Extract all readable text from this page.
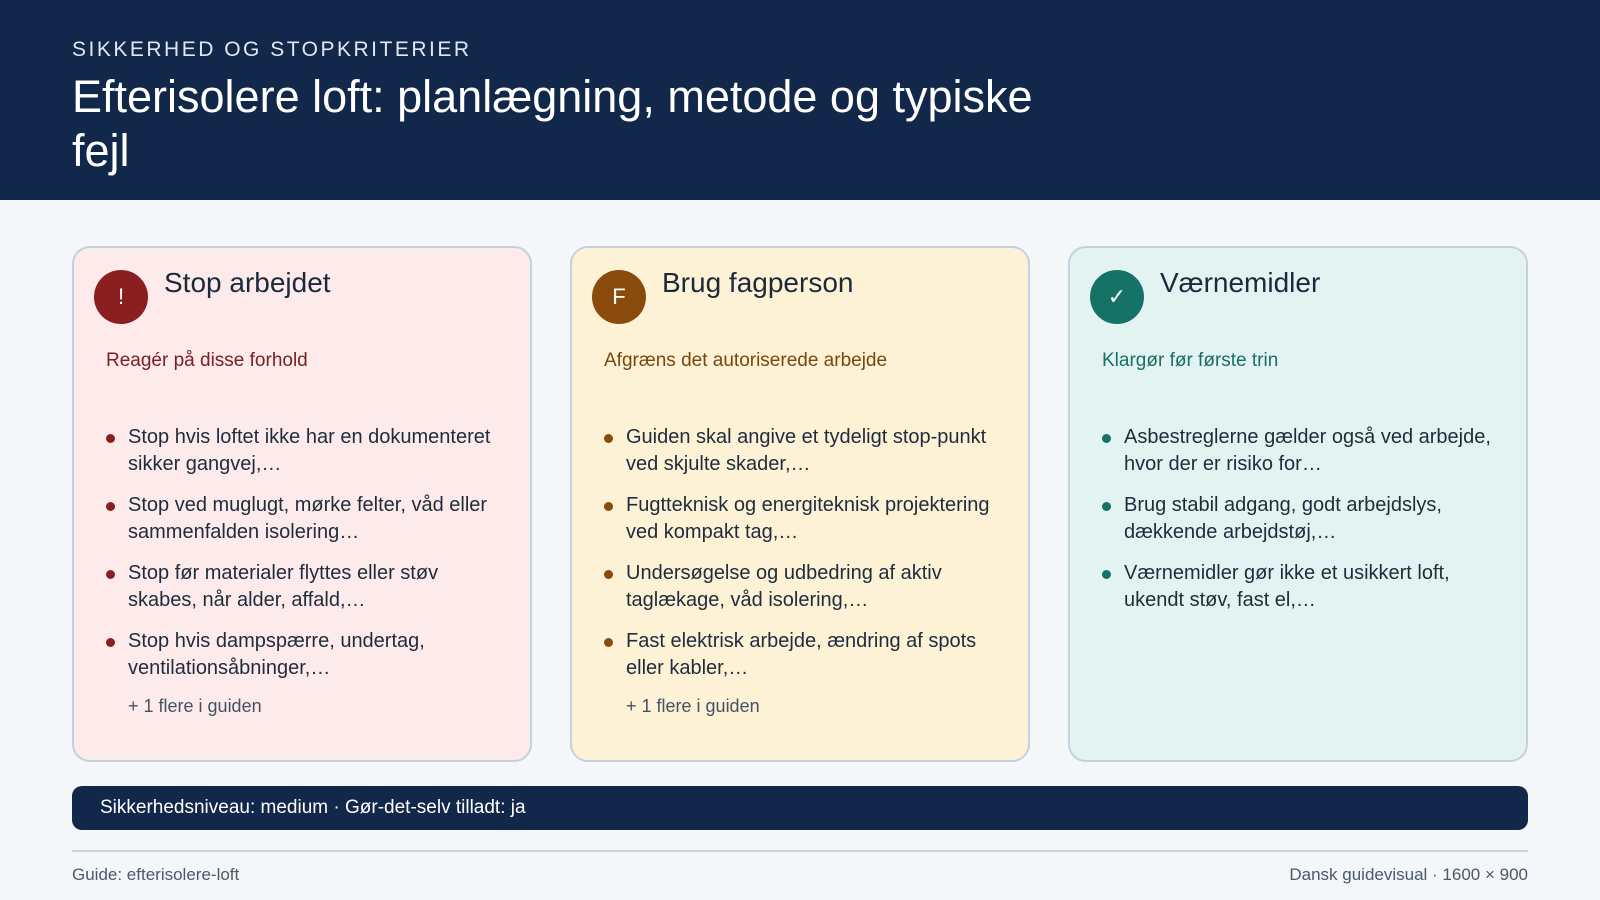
SIKKERHED OG STOPKRITERIER
Efterisolere loft: planlægning, metode og typiske fejl
!	Stop arbejdet
Reagér på disse forhold
Stop hvis loftet ikke har en dokumenteret sikker gangvej,…
Stop ved muglugt, mørke felter, våd eller sammenfalden isolering…
Stop før materialer flyttes eller støv skabes, når alder, affald,…
Stop hvis dampspærre, undertag, ventilationsåbninger,…
+ 1 flere i guiden
F	Brug fagperson
Afgræns det autoriserede arbejde
Guiden skal angive et tydeligt stop-punkt ved skjulte skader,…
Fugtteknisk og energiteknisk projektering ved kompakt tag,…
Undersøgelse og udbedring af aktiv taglækage, våd isolering,…
Fast elektrisk arbejde, ændring af spots eller kabler,…
+ 1 flere i guiden
✓	Værnemidler
Klargør før første trin
Asbestreglerne gælder også ved arbejde, hvor der er risiko for…
Brug stabil adgang, godt arbejdslys, dækkende arbejdstøj,…
Værnemidler gør ikke et usikkert loft, ukendt støv, fast el,…
Sikkerhedsniveau: medium · Gør-det-selv tilladt: ja
Guide: efterisolere-loft	Dansk guidevisual · 1600 × 900
